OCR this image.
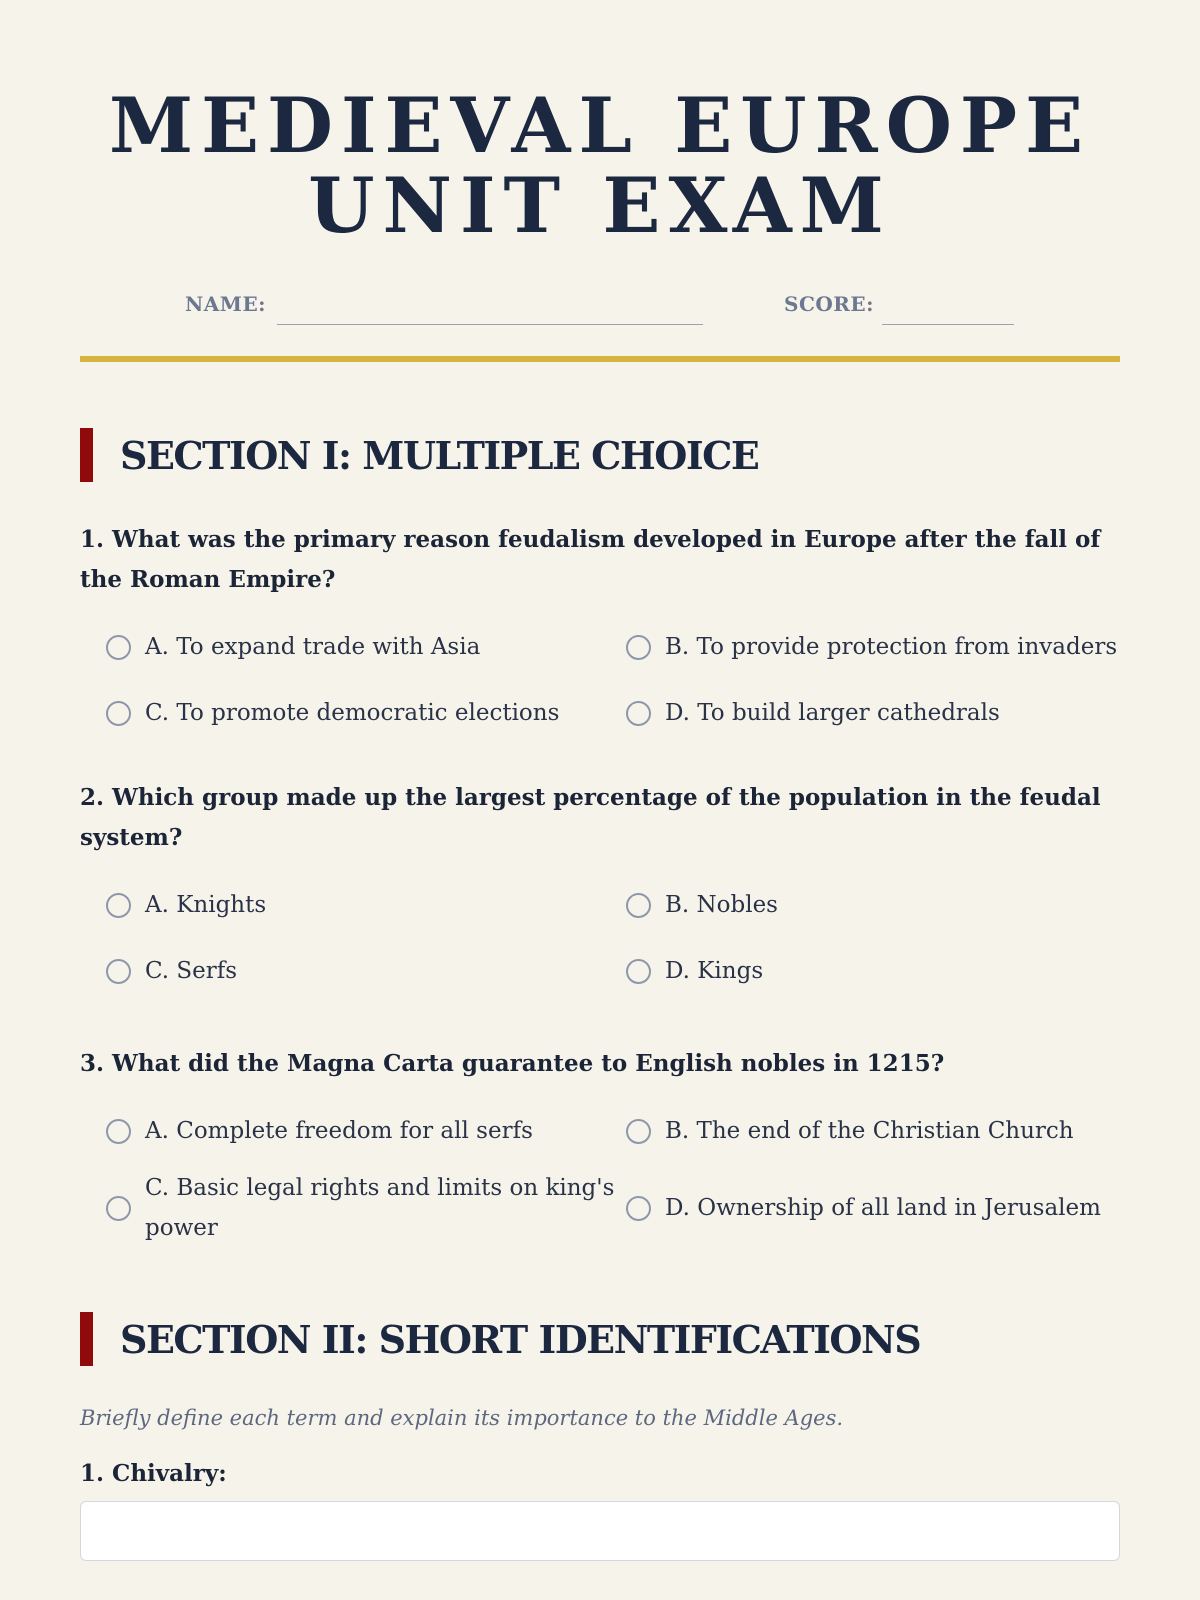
MEDIEVAL EUROPE
UNIT EXAM
NAME:	SCORE:
SECTION I: MULTIPLE CHOICE

1. What was the primary reason feudalism developed in Europe after the fall of the Roman Empire?

A. To expand trade with Asia	B. To provide protection from invaders
C. To promote democratic elections	D. To build larger cathedrals

2. Which group made up the largest percentage of the population in the feudal system?

A. Knights	B. Nobles
C. Serfs	D. Kings

3. What did the Magna Carta guarantee to English nobles in 1215?

A. Complete freedom for all serfs	B. The end of the Christian Church
C. Basic legal rights and limits on king's power
D. Ownership of all land in Jerusalem
SECTION II: SHORT IDENTIFICATIONS

Briefly define each term and explain its importance to the Middle Ages.

1. Chivalry:
